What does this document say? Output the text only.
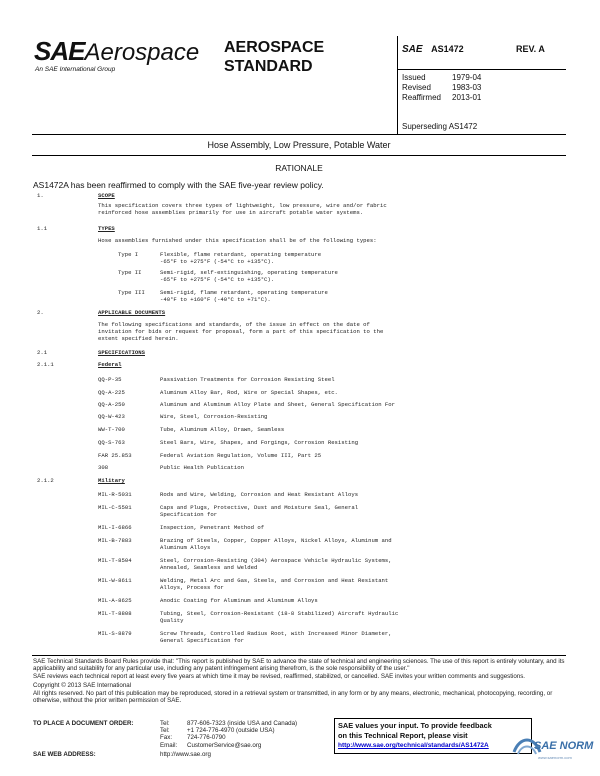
SAEAerospace
An SAE International Group
AEROSPACE
STANDARD
SAE AS1472	REV. A
Issued	1979-04
Revised	1983-03
Reaffirmed 2013-01
Superseding AS1472
Hose Assembly, Low Pressure, Potable Water
RATIONALE
AS1472A has been reaffirmed to comply with the SAE five-year review policy.
1.	SCOPE
This specification covers three types of lightweight, low pressure, wire and/or fabric
reinforced hose assemblies primarily for use in aircraft potable water systems.
1.1	TYPES
Hose assemblies furnished under this specification shall be of the following types:
Type I	Flexible, flame retardant, operating temperature
-65°F to +275°F (-54°C to +135°C).
Type II	Semi-rigid, self-extinguishing, operating temperature
-65°F to +275°F (-54°C to +135°C).
Type III	Semi-rigid, flame retardant, operating temperature
-40°F to +160°F (-40°C to +71°C).
2.	APPLICABLE DOCUMENTS
The following specifications and standards, of the issue in effect on the date of
invitation for bids or request for proposal, form a part of this specification to the
extent specified herein.
2.1	SPECIFICATIONS
2.1.1	Federal
QQ-P-35	Passivation Treatments for Corrosion Resisting Steel
QQ-A-225	Aluminum Alloy Bar, Rod, Wire or Special Shapes, etc.
QQ-A-250	Aluminum and Aluminum Alloy Plate and Sheet, General Specification For
QQ-W-423	Wire, Steel, Corrosion-Resisting
WW-T-700	Tube, Aluminum Alloy, Drawn, Seamless
QQ-S-763	Steel Bars, Wire, Shapes, and Forgings, Corrosion Resisting
FAR 25.853	Federal Aviation Regulation, Volume III, Part 25
308	Public Health Publication
2.1.2	Military
MIL-R-5031	Rods and Wire, Welding, Corrosion and Heat Resistant Alloys
MIL-C-5501	Caps and Plugs, Protective, Dust and Moisture Seal, General
Specification for
MIL-I-6866	Inspection, Penetrant Method of
MIL-B-7883	Brazing of Steels, Copper, Copper Alloys, Nickel Alloys, Aluminum and
Aluminum Alloys
MIL-T-8504	Steel, Corrosion-Resisting (304) Aerospace Vehicle Hydraulic Systems,
Annealed, Seamless and Welded
MIL-W-8611	Welding, Metal Arc and Gas, Steels, and Corrosion and Heat Resistant
Alloys, Process for
MIL-A-8625	Anodic Coating for Aluminum and Aluminum Alloys
MIL-T-8808	Tubing, Steel, Corrosion-Resistant (18-8 Stabilized) Aircraft Hydraulic
Quality
MIL-S-8879	Screw Threads, Controlled Radius Root, with Increased Minor Diameter,
General Specification for
SAE Technical Standards Board Rules provide that: "This report is published by SAE to advance the state of technical and engineering sciences. The use of this report is entirely voluntary, and its applicability and suitability for any particular use, including any patent infringement arising therefrom, is the sole responsibility of the user."
SAE reviews each technical report at least every five years at which time it may be revised, reaffirmed, stabilized, or cancelled. SAE invites your written comments and suggestions.
Copyright © 2013 SAE International
All rights reserved. No part of this publication may be reproduced, stored in a retrieval system or transmitted, in any form or by any means, electronic, mechanical, photocopying, recording, or otherwise, without the prior written permission of SAE.
TO PLACE A DOCUMENT ORDER:	Tel:	877-606-7323 (inside USA and Canada)
Tel:	+1 724-776-4970 (outside USA)
Fax: 724-776-0790
Email: CustomerService@sae.org
SAE WEB ADDRESS:	http://www.sae.org
SAE values your input. To provide feedback
on this Technical Report, please visit
http://www.sae.org/technical/standards/AS1472A	SAE NORM
www.saenorm.com
